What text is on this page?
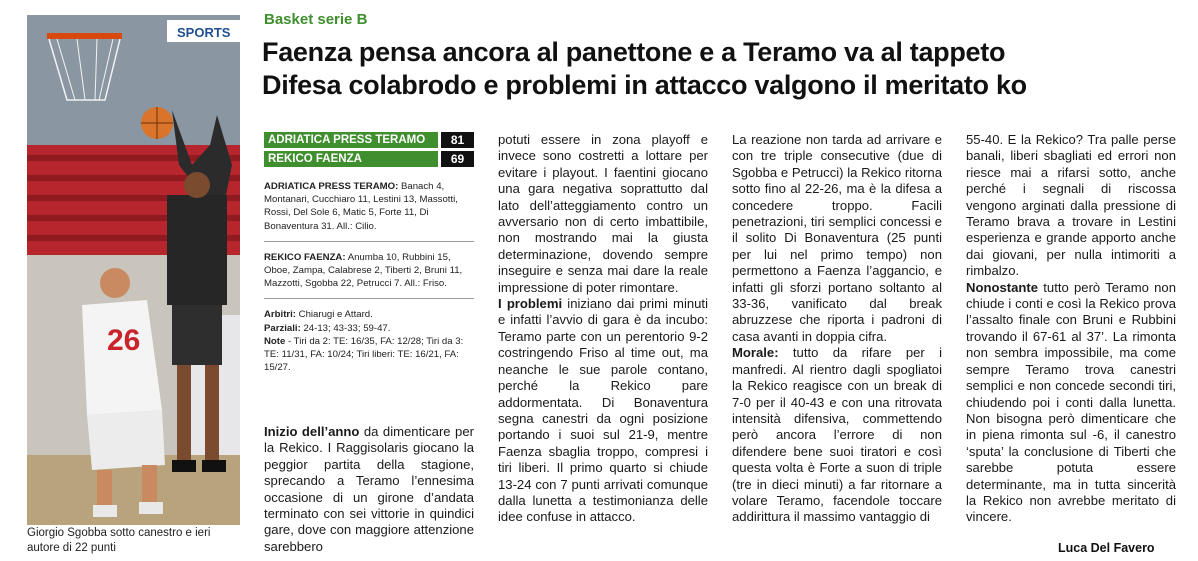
SPORTS
26
Giorgio Sgobba sotto canestro e ieri autore di 22 punti
Basket serie B
Faenza pensa ancora al panettone e a Teramo va al tappeto
Difesa colabrodo e problemi in attacco valgono il meritato ko
ADRIATICA PRESS TERAMO	81
REKICO FAENZA	69

ADRIATICA PRESS TERAMO: Banach 4, Montanari, Cucchiaro 11, Lestini 13, Massotti, Rossi, Del Sole 6, Matic 5, Forte 11, Di Bonaventura 31. All.: Cilio.

REKICO FAENZA: Anumba 10, Rubbini 15, Oboe, Zampa, Calabrese 2, Tiberti 2, Bruni 11, Mazzotti, Sgobba 22, Petrucci 7. All.: Friso.

Arbitri: Chiarugi e Attard.

Parziali: 24-13; 43-33; 59-47.

Note - Tiri da 2: TE: 16/35, FA: 12/28; Tiri da 3: TE: 11/31, FA: 10/24; Tiri liberi: TE: 16/21, FA: 15/27.

Inizio dell’anno da dimenticare per la Rekico. I Raggisolaris giocano la peggior partita della stagione, sprecando a Teramo l’ennesima occasione di un girone d’andata terminato con sei vittorie in quindici gare, dove con maggiore attenzione sarebbero

potuti essere in zona playoff e invece sono costretti a lottare per evitare i playout. I faentini giocano una gara negativa soprattutto dal lato dell’atteggiamento contro un avversario non di certo imbattibile, non mostrando mai la giusta determinazione, dovendo sempre inseguire e senza mai dare la reale impressione di poter rimontare.

I problemi iniziano dai primi minuti e infatti l’avvio di gara è da incubo: Teramo parte con un perentorio 9-2 costringendo Friso al time out, ma neanche le sue parole contano, perché la Rekico pare addormentata. Di Bonaventura segna canestri da ogni posizione portando i suoi sul 21-9, mentre Faenza sbaglia troppo, compresi i tiri liberi. Il primo quarto si chiude 13-24 con 7 punti arrivati comunque dalla lunetta a testimonianza delle idee confuse in attacco.

La reazione non tarda ad arrivare e con tre triple consecutive (due di Sgobba e Petrucci) la Rekico ritorna sotto fino al 22-26, ma è la difesa a concedere troppo. Facili penetrazioni, tiri semplici concessi e il solito Di Bonaventura (25 punti per lui nel primo tempo) non permettono a Faenza l’aggancio, e infatti gli sforzi portano soltanto al 33-36, vanificato dal break abruzzese che riporta i padroni di casa avanti in doppia cifra.

Morale: tutto da rifare per i manfredi. Al rientro dagli spogliatoi la Rekico reagisce con un break di 7-0 per il 40-43 e con una ritrovata intensità difensiva, commettendo però ancora l’errore di non difendere bene suoi tiratori e così questa volta è Forte a suon di triple (tre in dieci minuti) a far ritornare a volare Teramo, facendole toccare addirittura il massimo vantaggio di

55-40. E la Rekico? Tra palle perse banali, liberi sbagliati ed errori non riesce mai a rifarsi sotto, anche perché i segnali di riscossa vengono arginati dalla pressione di Teramo brava a trovare in Lestini esperienza e grande apporto anche dai giovani, per nulla intimoriti a rimbalzo.

Nonostante tutto però Teramo non chiude i conti e così la Rekico prova l’assalto finale con Bruni e Rubbini trovando il 67-61 al 37’. La rimonta non sembra impossibile, ma come sempre Teramo trova canestri semplici e non concede secondi tiri, chiudendo poi i conti dalla lunetta. Non bisogna però dimenticare che in piena rimonta sul -6, il canestro ‘sputa’ la conclusione di Tiberti che sarebbe potuta essere determinante, ma in tutta sincerità la Rekico non avrebbe meritato di vincere.

Luca Del Favero
